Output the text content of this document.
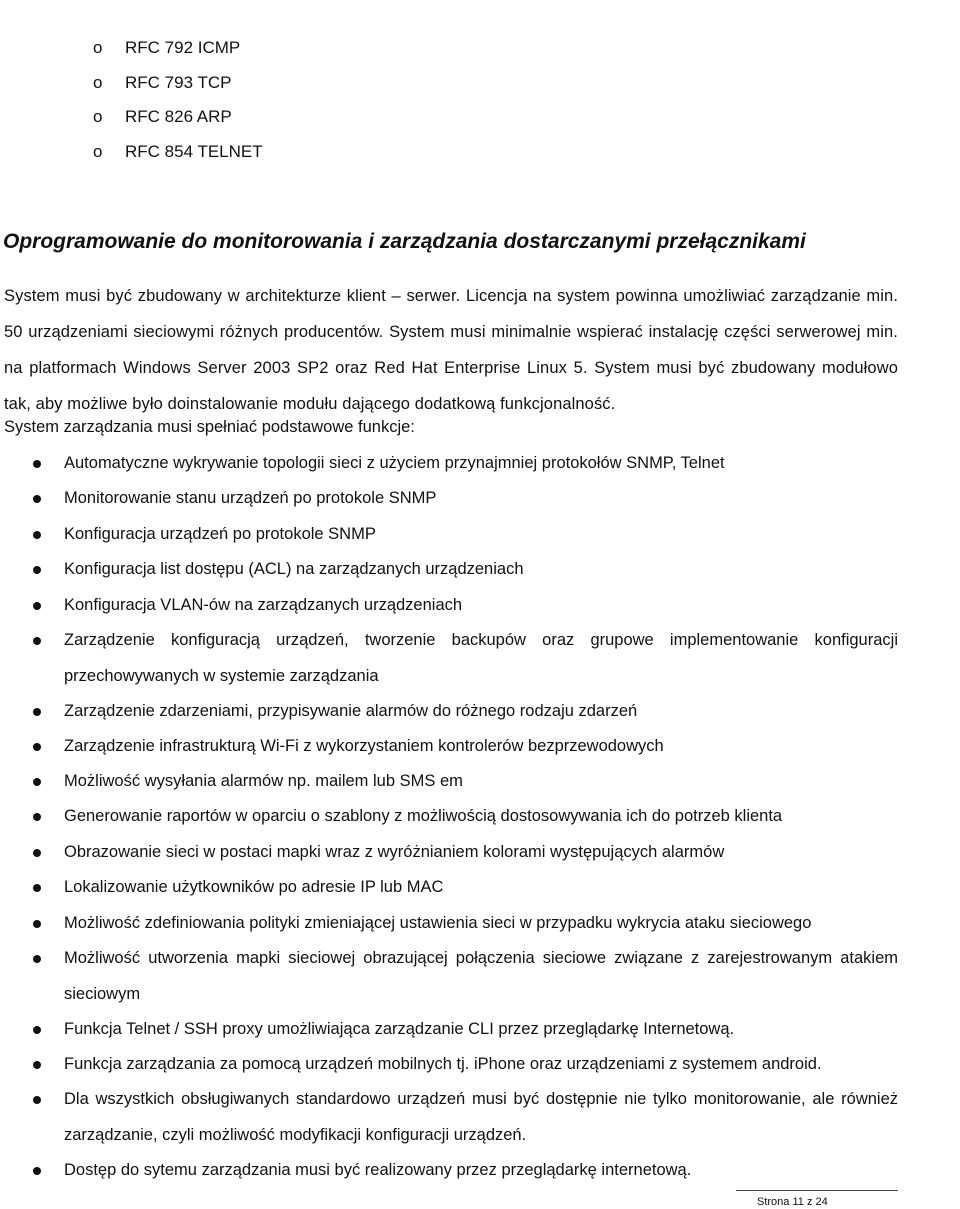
o RFC 792 ICMP
o RFC 793 TCP
o RFC 826 ARP
o RFC 854 TELNET
Oprogramowanie do monitorowania i zarządzania dostarczanymi przełącznikami
System musi być zbudowany w architekturze klient – serwer. Licencja na system powinna umożliwiać zarządzanie min. 50 urządzeniami sieciowymi różnych producentów. System musi minimalnie wspierać instalację części serwerowej min. na platformach Windows Server 2003 SP2 oraz Red Hat Enterprise Linux 5. System musi być zbudowany modułowo tak, aby możliwe było doinstalowanie modułu dającego dodatkową funkcjonalność.
System zarządzania musi spełniać podstawowe funkcje:
Automatyczne wykrywanie topologii sieci z użyciem przynajmniej protokołów SNMP, Telnet
Monitorowanie stanu urządzeń po protokole SNMP
Konfiguracja urządzeń po protokole SNMP
Konfiguracja list dostępu (ACL) na zarządzanych urządzeniach
Konfiguracja VLAN-ów na zarządzanych urządzeniach
Zarządzenie konfiguracją urządzeń, tworzenie backupów oraz grupowe implementowanie konfiguracji przechowywanych w systemie zarządzania
Zarządzenie zdarzeniami, przypisywanie alarmów do różnego rodzaju zdarzeń
Zarządzenie infrastrukturą Wi-Fi z wykorzystaniem kontrolerów bezprzewodowych
Możliwość wysyłania alarmów np. mailem lub SMS em
Generowanie raportów w oparciu o szablony z możliwością dostosowywania ich do potrzeb klienta
Obrazowanie sieci w postaci mapki wraz z wyróżnianiem kolorami występujących alarmów
Lokalizowanie użytkowników po adresie IP lub MAC
Możliwość zdefiniowania polityki zmieniającej ustawienia sieci w przypadku wykrycia ataku sieciowego
Możliwość utworzenia mapki sieciowej obrazującej połączenia sieciowe związane z zarejestrowanym atakiem sieciowym
Funkcja Telnet / SSH proxy umożliwiająca zarządzanie CLI przez przeglądarkę Internetową.
Funkcja zarządzania za pomocą urządzeń mobilnych tj. iPhone oraz urządzeniami z systemem android.
Dla wszystkich obsługiwanych standardowo urządzeń musi być dostępnie nie tylko monitorowanie, ale również zarządzanie, czyli możliwość modyfikacji konfiguracji urządzeń.
Dostęp do sytemu zarządzania musi być realizowany przez przeglądarkę internetową.
Strona 11 z 24
